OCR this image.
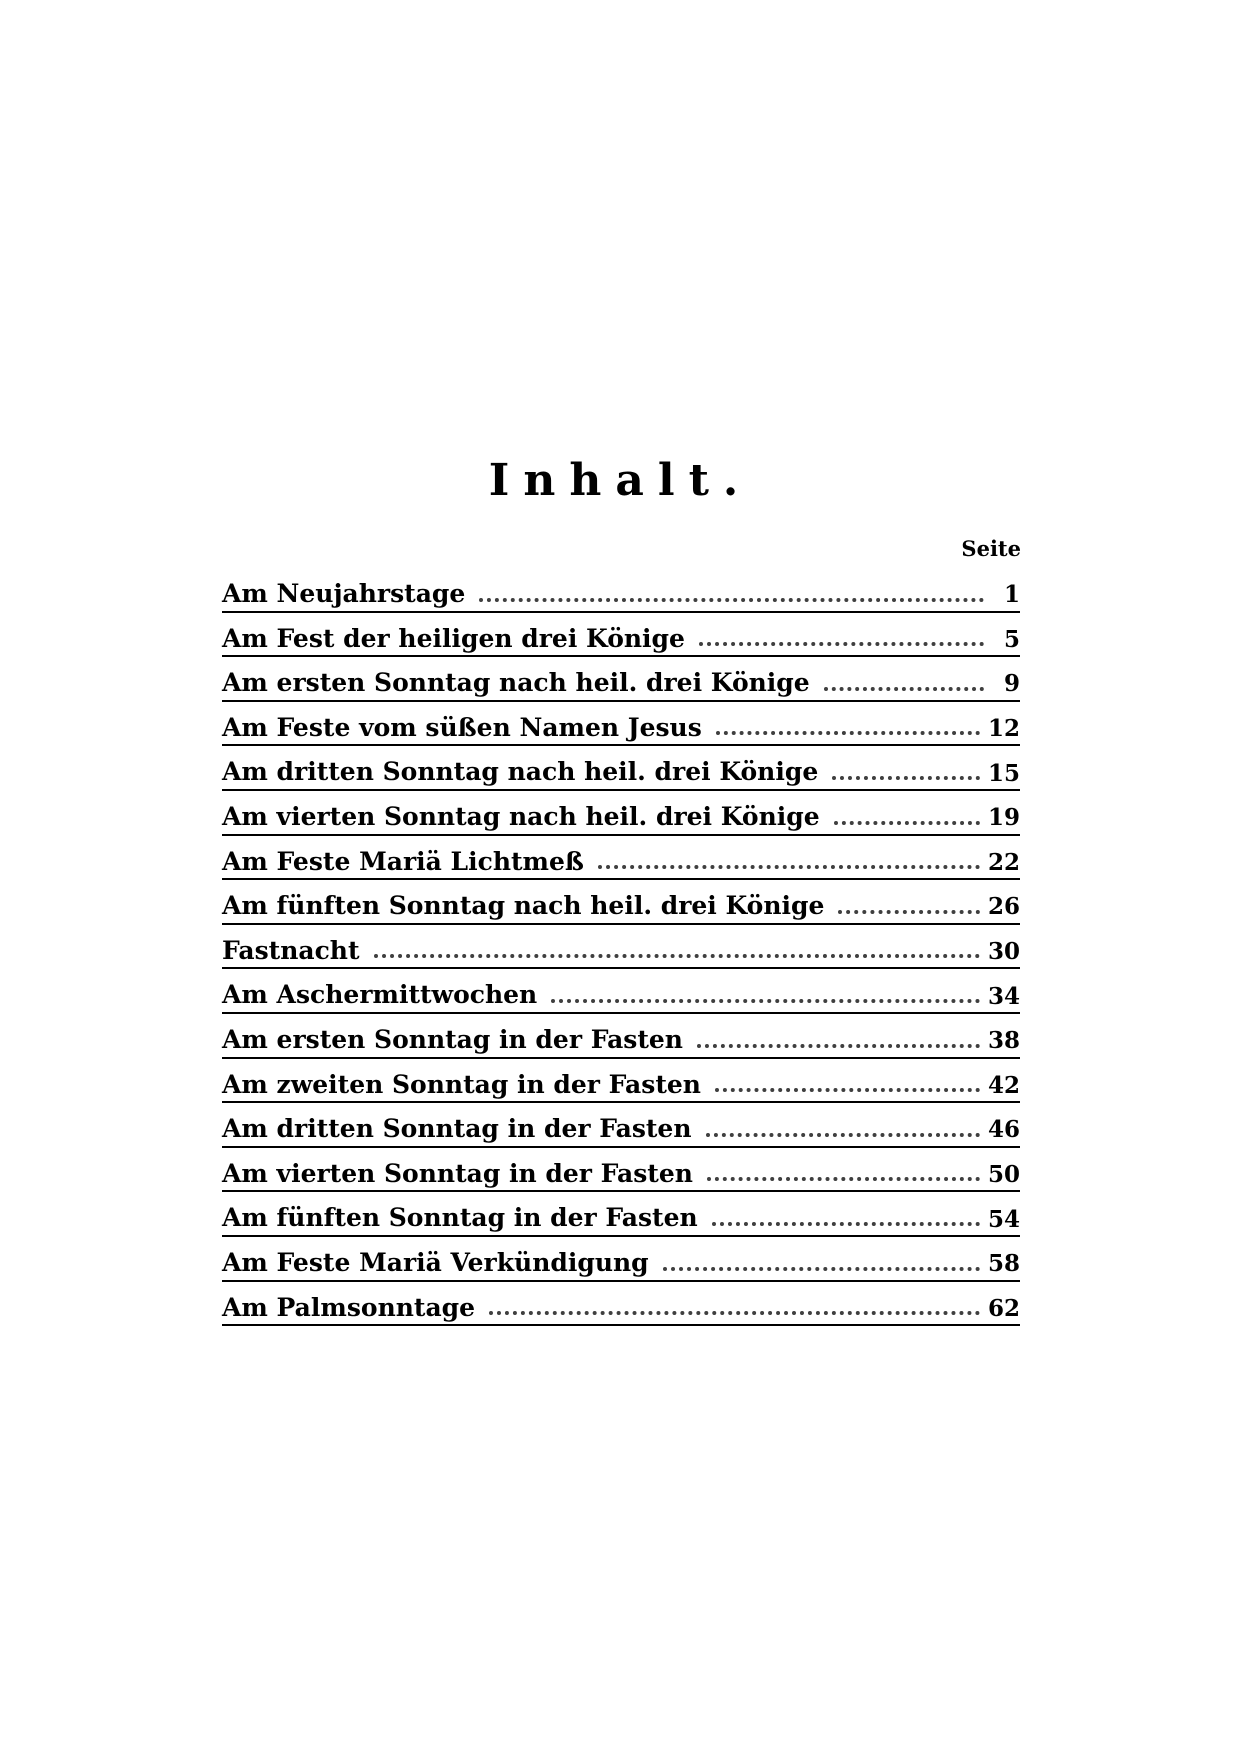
Inhalt.
Seite
Am Neujahrstage	1
Am Fest der heiligen drei Könige	5
Am ersten Sonntag nach heil. drei Könige	9
Am Feste vom süßen Namen Jesus	12
Am dritten Sonntag nach heil. drei Könige	15
Am vierten Sonntag nach heil. drei Könige	19
Am Feste Mariä Lichtmeß	22
Am fünften Sonntag nach heil. drei Könige	26
Fastnacht	30
Am Aschermittwochen	34
Am ersten Sonntag in der Fasten	38
Am zweiten Sonntag in der Fasten	42
Am dritten Sonntag in der Fasten	46
Am vierten Sonntag in der Fasten	50
Am fünften Sonntag in der Fasten	54
Am Feste Mariä Verkündigung	58
Am Palmsonntage	62
